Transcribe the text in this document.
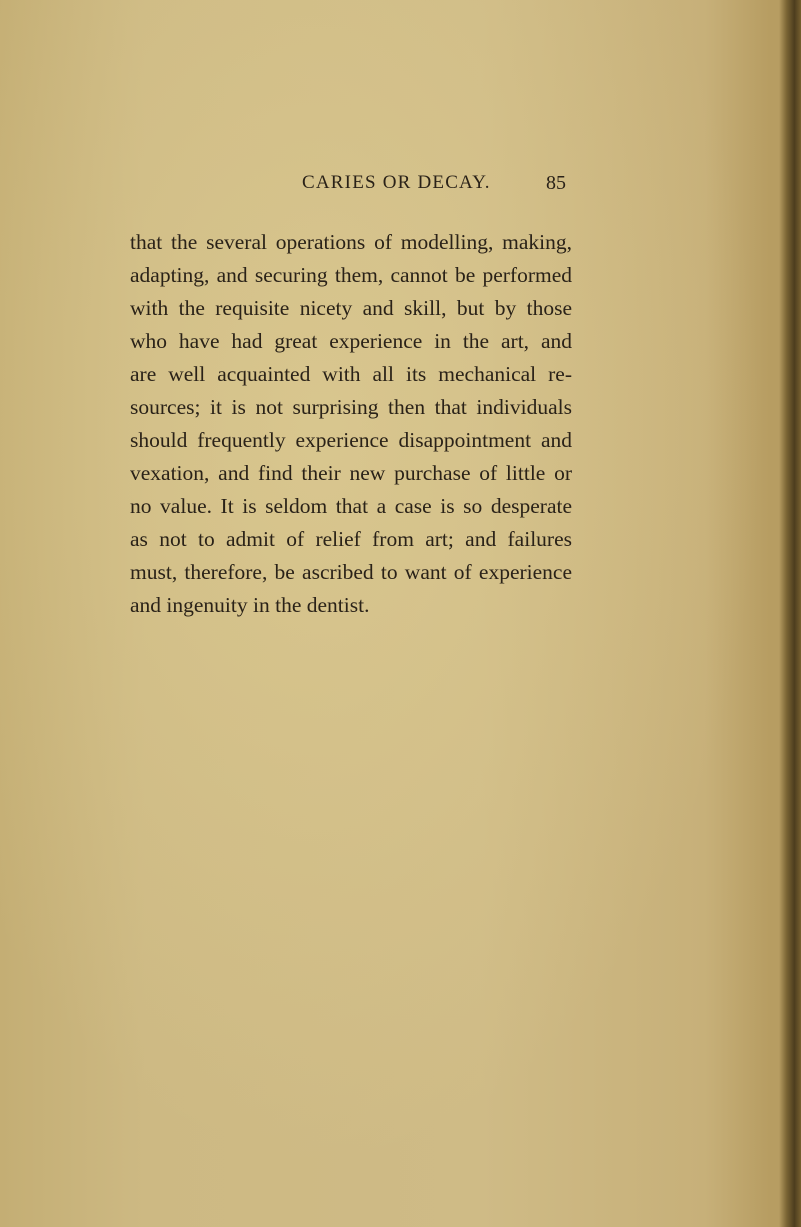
CARIES OR DECAY.	85
that the several operations of modelling, making,
adapting, and securing them, cannot be performed
with the requisite nicety and skill, but by those
who have had great experience in the art, and
are well acquainted with all its mechanical re-
sources; it is not surprising then that individuals
should frequently experience disappointment and
vexation, and find their new purchase of little or
no value. It is seldom that a case is so desperate
as not to admit of relief from art; and failures
must, therefore, be ascribed to want of experience
and ingenuity in the dentist.
